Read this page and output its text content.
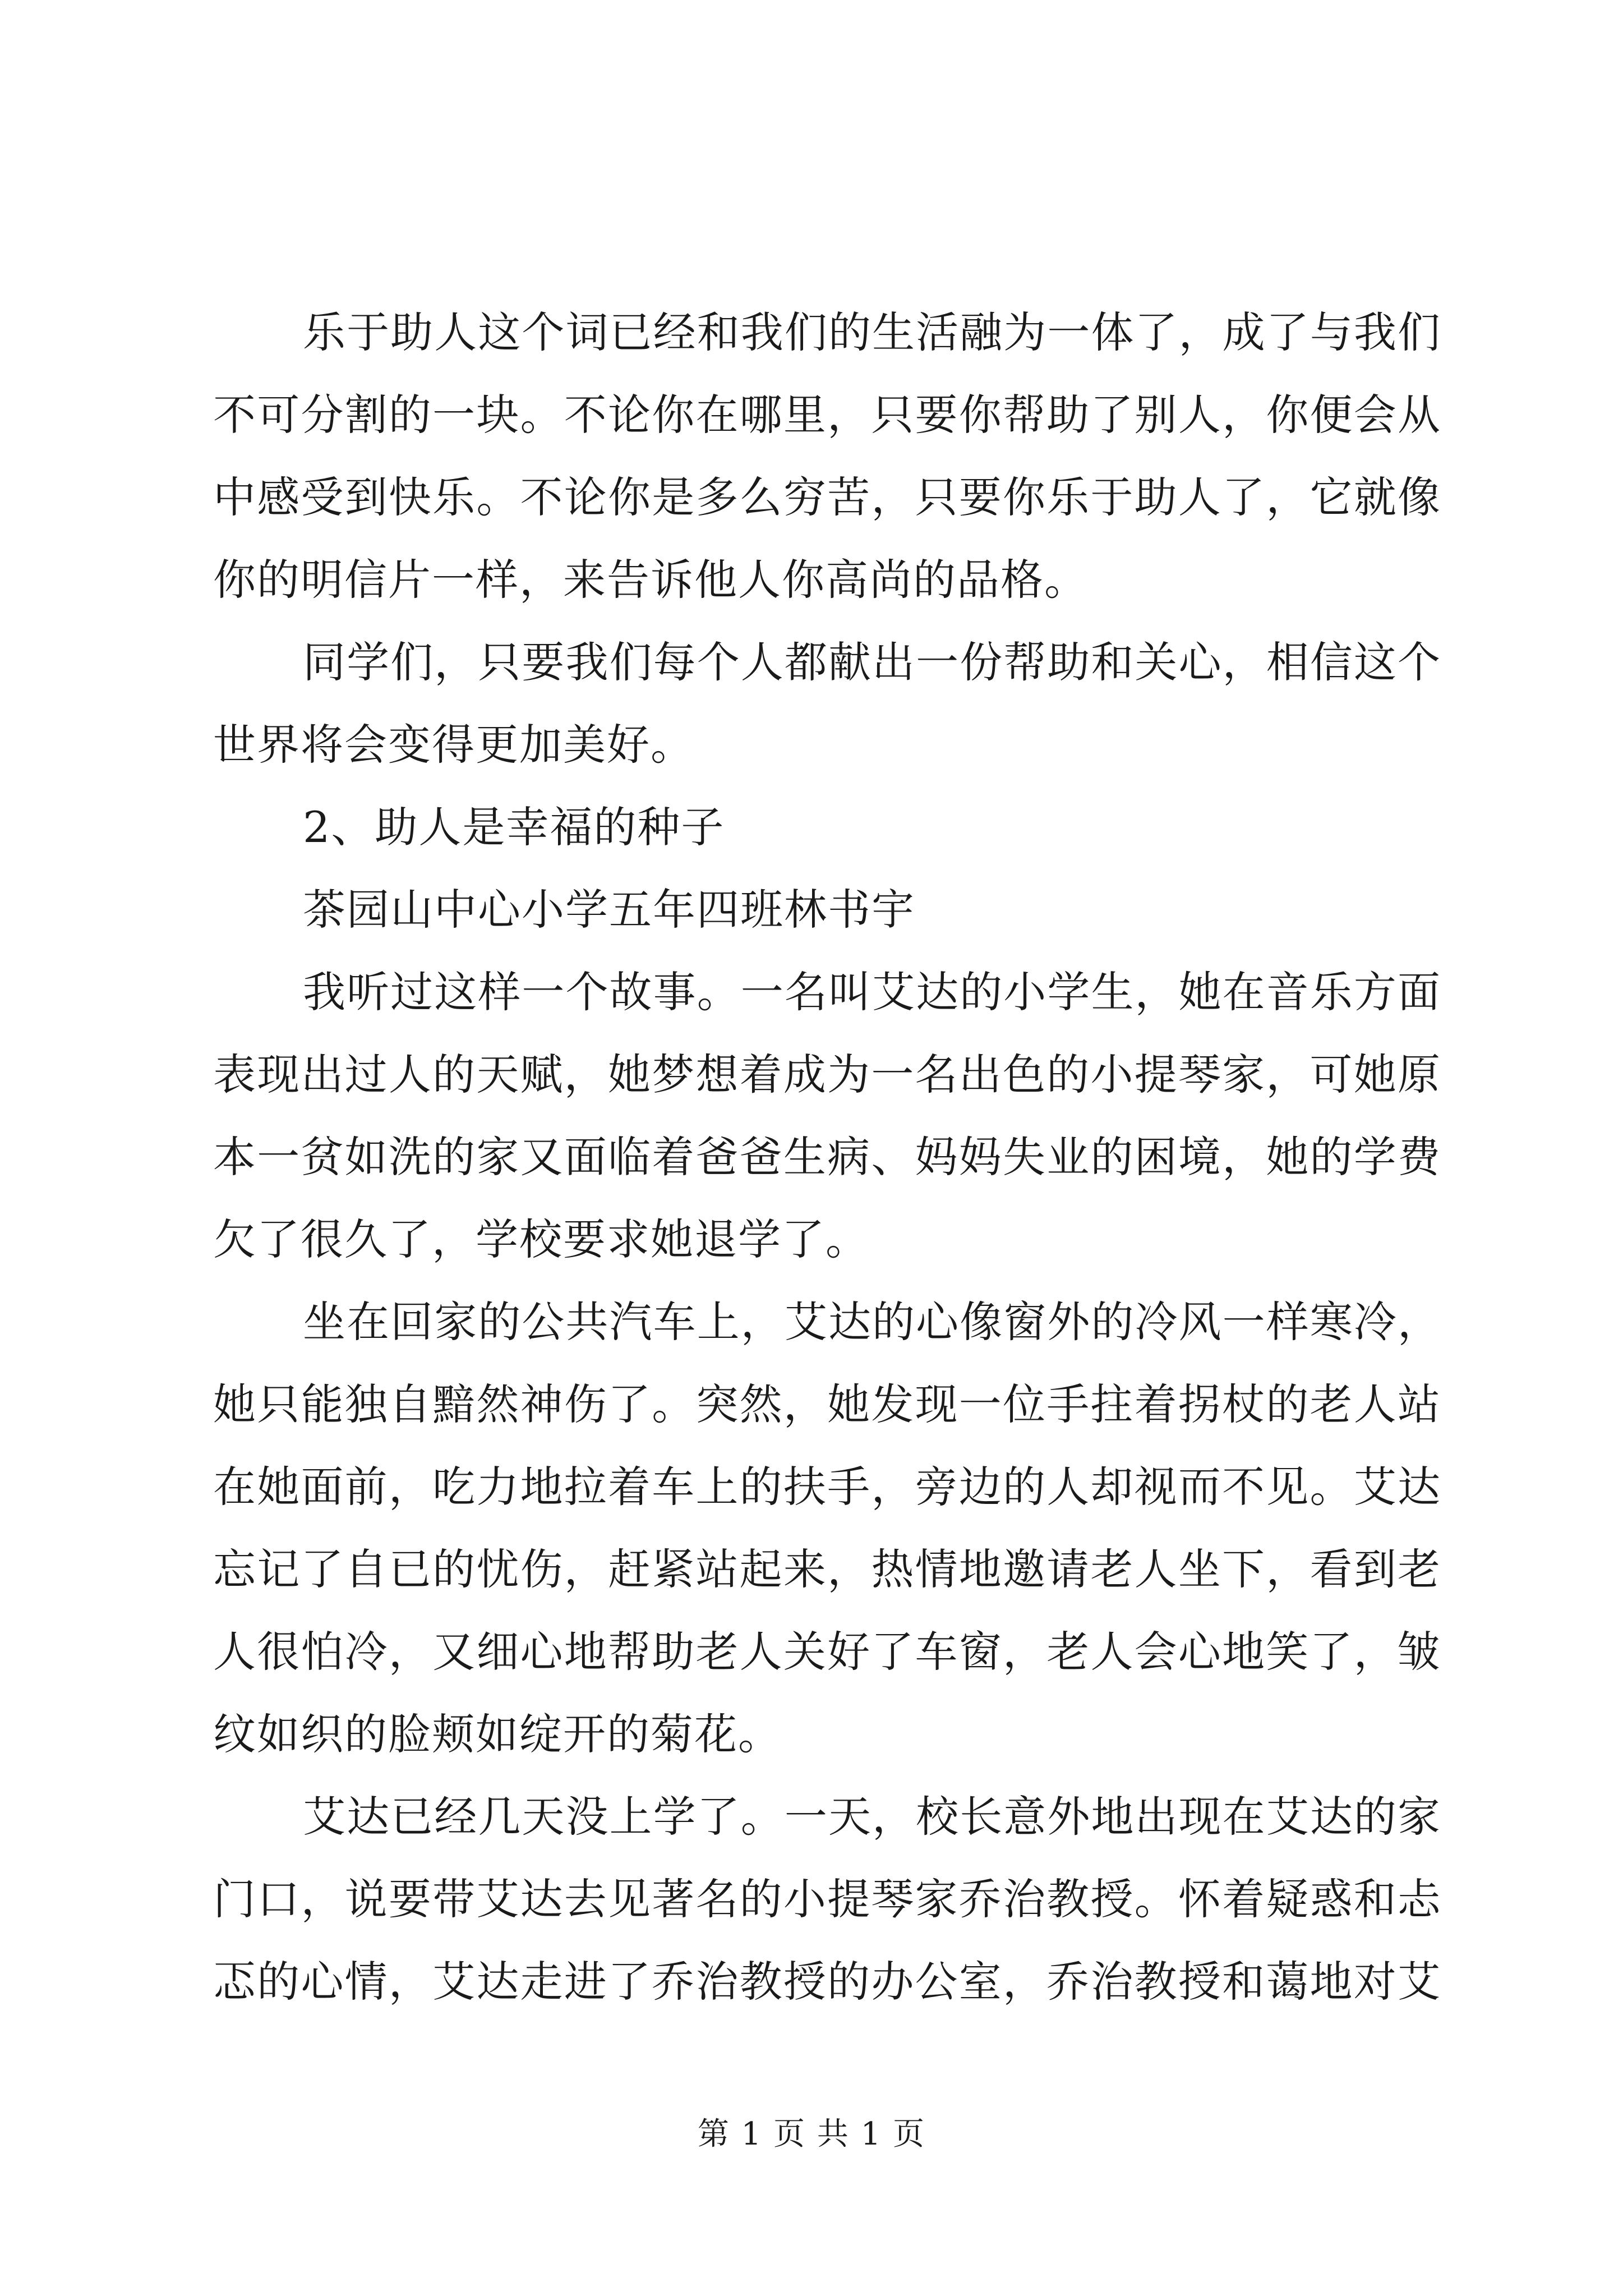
乐于助人这个词已经和我们的生活融为一体了，成了与我们
不可分割的一块。不论你在哪里，只要你帮助了别人，你便会从
中感受到快乐。不论你是多么穷苦，只要你乐于助人了，它就像
你的明信片一样，来告诉他人你高尚的品格。
同学们，只要我们每个人都献出一份帮助和关心，相信这个
世界将会变得更加美好。
2、助人是幸福的种子
茶园山中心小学五年四班林书宇
我听过这样一个故事。一名叫艾达的小学生，她在音乐方面
表现出过人的天赋，她梦想着成为一名出色的小提琴家，可她原
本一贫如洗的家又面临着爸爸生病、妈妈失业的困境，她的学费
欠了很久了，学校要求她退学了。
坐在回家的公共汽车上，艾达的心像窗外的冷风一样寒冷，
她只能独自黯然神伤了。突然，她发现一位手拄着拐杖的老人站
在她面前，吃力地拉着车上的扶手，旁边的人却视而不见。艾达
忘记了自已的忧伤，赶紧站起来，热情地邀请老人坐下，看到老
人很怕冷，又细心地帮助老人关好了车窗，老人会心地笑了，皱
纹如织的脸颊如绽开的菊花。
艾达已经几天没上学了。一天，校长意外地出现在艾达的家
门口，说要带艾达去见著名的小提琴家乔治教授。怀着疑惑和忐
忑的心情，艾达走进了乔治教授的办公室，乔治教授和蔼地对艾
第 1 页 共 1 页
